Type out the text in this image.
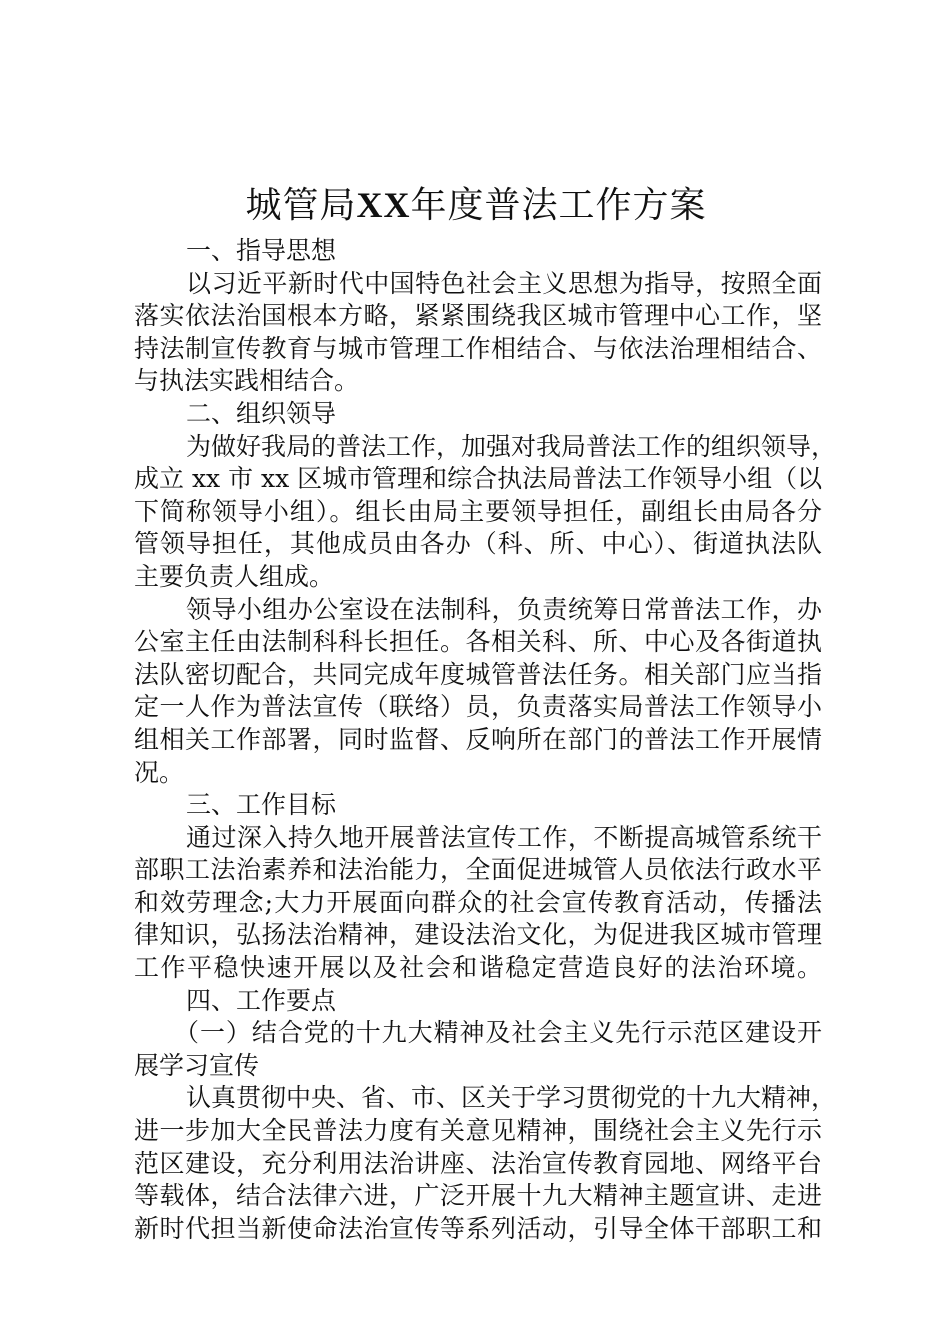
城管局XX年度普法工作方案
一、指导思想
以习近平新时代中国特色社会主义思想为指导，按照全面
落实依法治国根本方略，紧紧围绕我区城市管理中心工作，坚
持法制宣传教育与城市管理工作相结合、与依法治理相结合、
与执法实践相结合。
二、组织领导
为做好我局的普法工作，加强对我局普法工作的组织领导，
成立 xx 市 xx 区城市管理和综合执法局普法工作领导小组（以
下简称领导小组）。组长由局主要领导担任，副组长由局各分
管领导担任，其他成员由各办（科、所、中心）、街道执法队
主要负责人组成。
领导小组办公室设在法制科，负责统筹日常普法工作，办
公室主任由法制科科长担任。各相关科、所、中心及各街道执
法队密切配合，共同完成年度城管普法任务。相关部门应当指
定一人作为普法宣传（联络）员，负责落实局普法工作领导小
组相关工作部署，同时监督、反响所在部门的普法工作开展情
况。
三、工作目标
通过深入持久地开展普法宣传工作，不断提高城管系统干
部职工法治素养和法治能力，全面促进城管人员依法行政水平
和效劳理念;大力开展面向群众的社会宣传教育活动，传播法
律知识，弘扬法治精神，建设法治文化，为促进我区城市管理
工作平稳快速开展以及社会和谐稳定营造良好的法治环境。
四、工作要点
（一）结合党的十九大精神及社会主义先行示范区建设开
展学习宣传
认真贯彻中央、省、市、区关于学习贯彻党的十九大精神，
进一步加大全民普法力度有关意见精神，围绕社会主义先行示
范区建设，充分利用法治讲座、法治宣传教育园地、网络平台
等载体，结合法律六进，广泛开展十九大精神主题宣讲、走进
新时代担当新使命法治宣传等系列活动，引导全体干部职工和
